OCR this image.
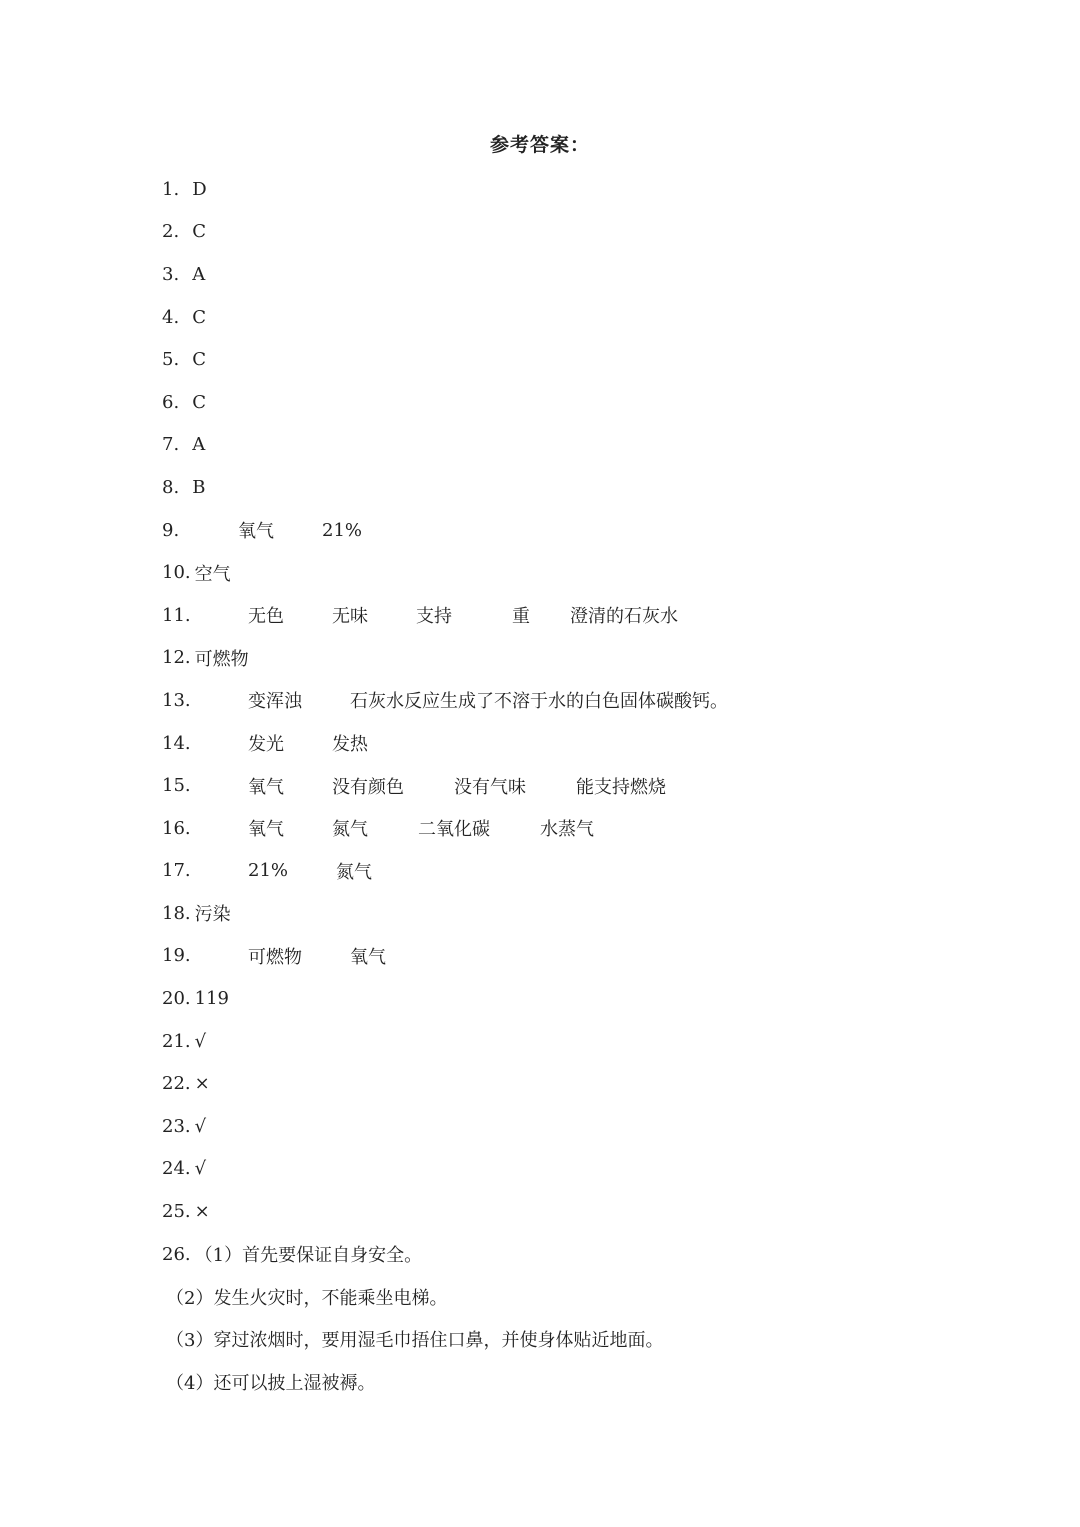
参考答案：
1. D
2. C
3. A
4. C
5. C
6. C
7. A
8. B
9.	氧气	21%
10. 空气
11.	无色	无味	支持	重 澄清的石灰水
12. 可燃物
13.	变浑浊	石灰水反应生成了不溶于水的白色固体碳酸钙。
14.	发光	发热
15.	氧气	没有颜色	没有气味	能支持燃烧
16.	氧气	氮气	二氧化碳	水蒸气
17.	21%	氮气
18. 污染
19.	可燃物	氧气
20. 119
21. √
22. ×
23. √
24. √
25. ×
26. （1）首先要保证自身安全。
（2）发生火灾时，不能乘坐电梯。
（3）穿过浓烟时，要用湿毛巾捂住口鼻，并使身体贴近地面。
（4）还可以披上湿被褥。
